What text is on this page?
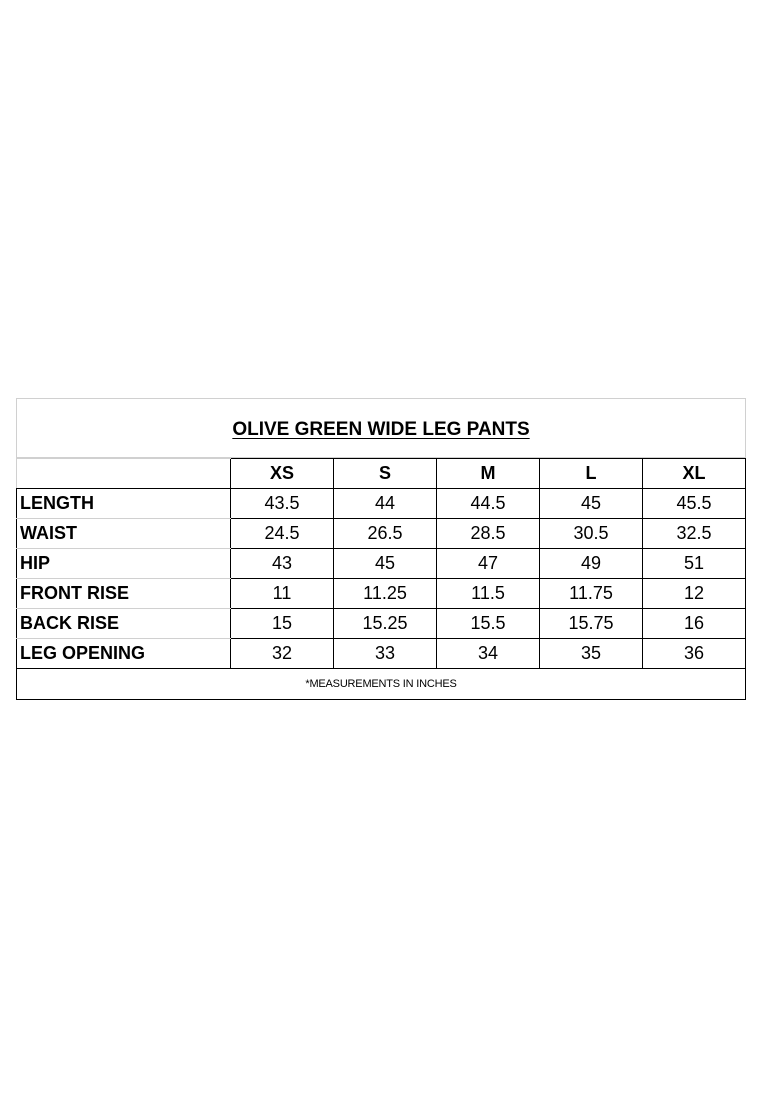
OLIVE GREEN WIDE LEG PANTS
	XS	S	M	L	XL
LENGTH	43.5	44	44.5	45	45.5
WAIST	24.5	26.5	28.5	30.5	32.5
HIP	43	45	47	49	51
FRONT RISE	11	11.25	11.5	11.75	12
BACK RISE	15	15.25	15.5	15.75	16
LEG OPENING	32	33	34	35	36
*MEASUREMENTS IN INCHES
